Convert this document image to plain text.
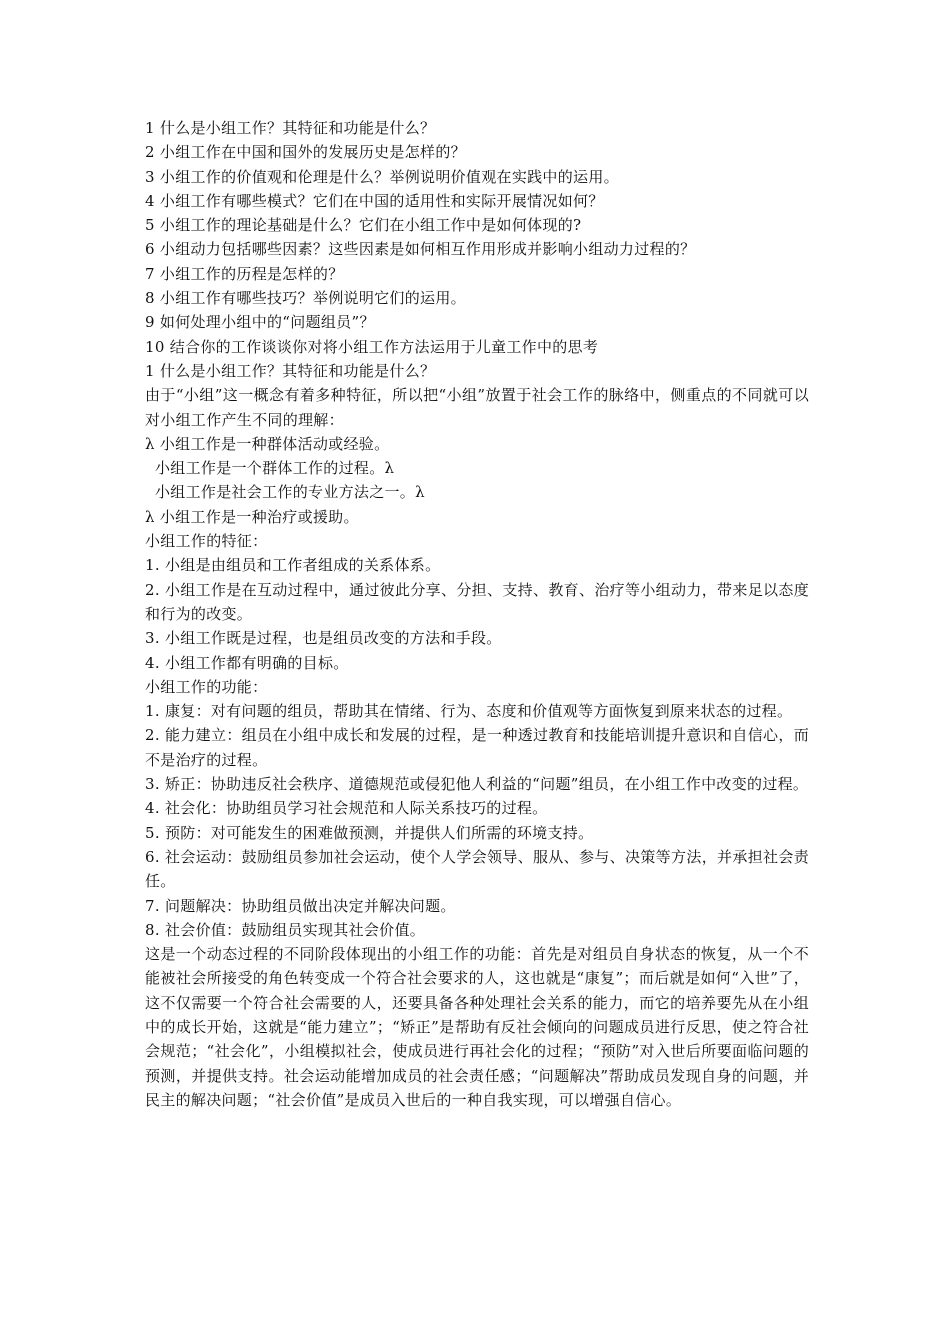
1 什么是小组工作？其特征和功能是什么？
2 小组工作在中国和国外的发展历史是怎样的？
3 小组工作的价值观和伦理是什么？举例说明价值观在实践中的运用。
4 小组工作有哪些模式？它们在中国的适用性和实际开展情况如何？
5 小组工作的理论基础是什么？它们在小组工作中是如何体现的?
6 小组动力包括哪些因素？这些因素是如何相互作用形成并影响小组动力过程的？
7 小组工作的历程是怎样的？
8 小组工作有哪些技巧？举例说明它们的运用。
9 如何处理小组中的“问题组员”？
10 结合你的工作谈谈你对将小组工作方法运用于儿童工作中的思考
1 什么是小组工作？其特征和功能是什么？

由于“小组”这一概念有着多种特征，所以把“小组”放置于社会工作的脉络中，侧重点的不同就可以对小组工作产生不同的理解：

λ 小组工作是一种群体活动或经验。
小组工作是一个群体工作的过程。λ
小组工作是社会工作的专业方法之一。λ
λ 小组工作是一种治疗或援助。
小组工作的特征：

1. 小组是由组员和工作者组成的关系体系。

2. 小组工作是在互动过程中，通过彼此分享、分担、支持、教育、治疗等小组动力，带来足以态度和行为的改变。

3. 小组工作既是过程，也是组员改变的方法和手段。

4. 小组工作都有明确的目标。

小组工作的功能：

1. 康复：对有问题的组员，帮助其在情绪、行为、态度和价值观等方面恢复到原来状态的过程。

2. 能力建立：组员在小组中成长和发展的过程，是一种透过教育和技能培训提升意识和自信心，而不是治疗的过程。

3. 矫正：协助违反社会秩序、道德规范或侵犯他人利益的“问题”组员，在小组工作中改变的过程。

4. 社会化：协助组员学习社会规范和人际关系技巧的过程。

5. 预防：对可能发生的困难做预测，并提供人们所需的环境支持。

6. 社会运动：鼓励组员参加社会运动，使个人学会领导、服从、参与、决策等方法，并承担社会责任。

7. 问题解决：协助组员做出决定并解决问题。

8. 社会价值：鼓励组员实现其社会价值。

这是一个动态过程的不同阶段体现出的小组工作的功能：首先是对组员自身状态的恢复，从一个不能被社会所接受的角色转变成一个符合社会要求的人，这也就是“康复”；而后就是如何“入世”了，这不仅需要一个符合社会需要的人，还要具备各种处理社会关系的能力，而它的培养要先从在小组中的成长开始，这就是“能力建立”；“矫正”是帮助有反社会倾向的问题成员进行反思，使之符合社会规范；“社会化”，小组模拟社会，使成员进行再社会化的过程；“预防”对入世后所要面临问题的预测，并提供支持。社会运动能增加成员的社会责任感；“问题解决”帮助成员发现自身的问题，并民主的解决问题；“社会价值”是成员入世后的一种自我实现，可以增强自信心。
